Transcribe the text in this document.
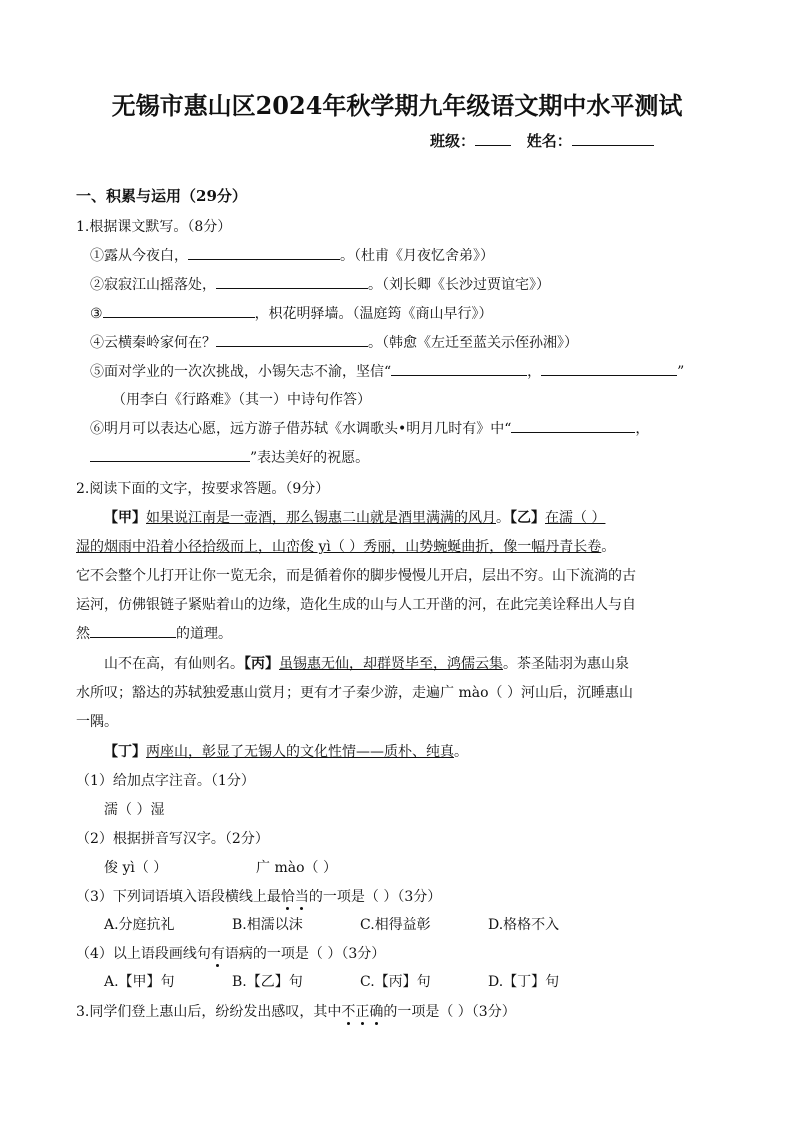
无锡市惠山区2024年秋学期九年级语文期中水平测试
班级：	姓名：
一、积累与运用（29分）
1.根据课文默写。（8分）
①露从今夜白，	。（杜甫《月夜忆舍弟》）
②寂寂江山摇落处，	。（刘长卿《长沙过贾谊宅》）
③	，枳花明驿墙。（温庭筠《商山早行》）
④云横秦岭家何在？	。（韩愈《左迁至蓝关示侄孙湘》）
⑤面对学业的一次次挑战，小锡矢志不渝，坚信“	，	”
（用李白《行路难》（其一）中诗句作答）
⑥明月可以表达心愿，远方游子借苏轼《水调歌头•明月几时有》中“	，
”表达美好的祝愿。
2.阅读下面的文字，按要求答题。（9分）
【甲】如果说江南是一壶酒，那么锡惠二山就是酒里满满的风月。【乙】在濡（ ）
湿的烟雨中沿着小径拾级而上，山峦俊 yì（ ）秀丽，山势蜿蜒曲折，像一幅丹青长卷。
它不会整个儿打开让你一览无余，而是循着你的脚步慢慢儿开启，层出不穷。山下流淌的古
运河，仿佛银链子紧贴着山的边缘，造化生成的山与人工开凿的河，在此完美诠释出人与自
然	的道理。
山不在高，有仙则名。【丙】虽锡惠无仙，却群贤毕至，鸿儒云集。茶圣陆羽为惠山泉
水所叹；豁达的苏轼独爱惠山赏月；更有才子秦少游，走遍广 mào（ ）河山后，沉睡惠山
一隅。
【丁】两座山，彰显了无锡人的文化性情——质朴、纯真。
（1）给加点字注音。（1分）
濡（ ）湿
（2）根据拼音写汉字。（2分）
俊 yì（ ）	广 mào（ ）
（3）下列词语填入语段横线上最恰当的一项是（ ）（3分）
A.分庭抗礼	B.相濡以沫	C.相得益彰	D.格格不入
（4）以上语段画线句有语病的一项是（ ）（3分）
A.【甲】句	B.【乙】句	C.【丙】句	D.【丁】句
3.同学们登上惠山后，纷纷发出感叹，其中不正确的一项是（ ）（3分）
